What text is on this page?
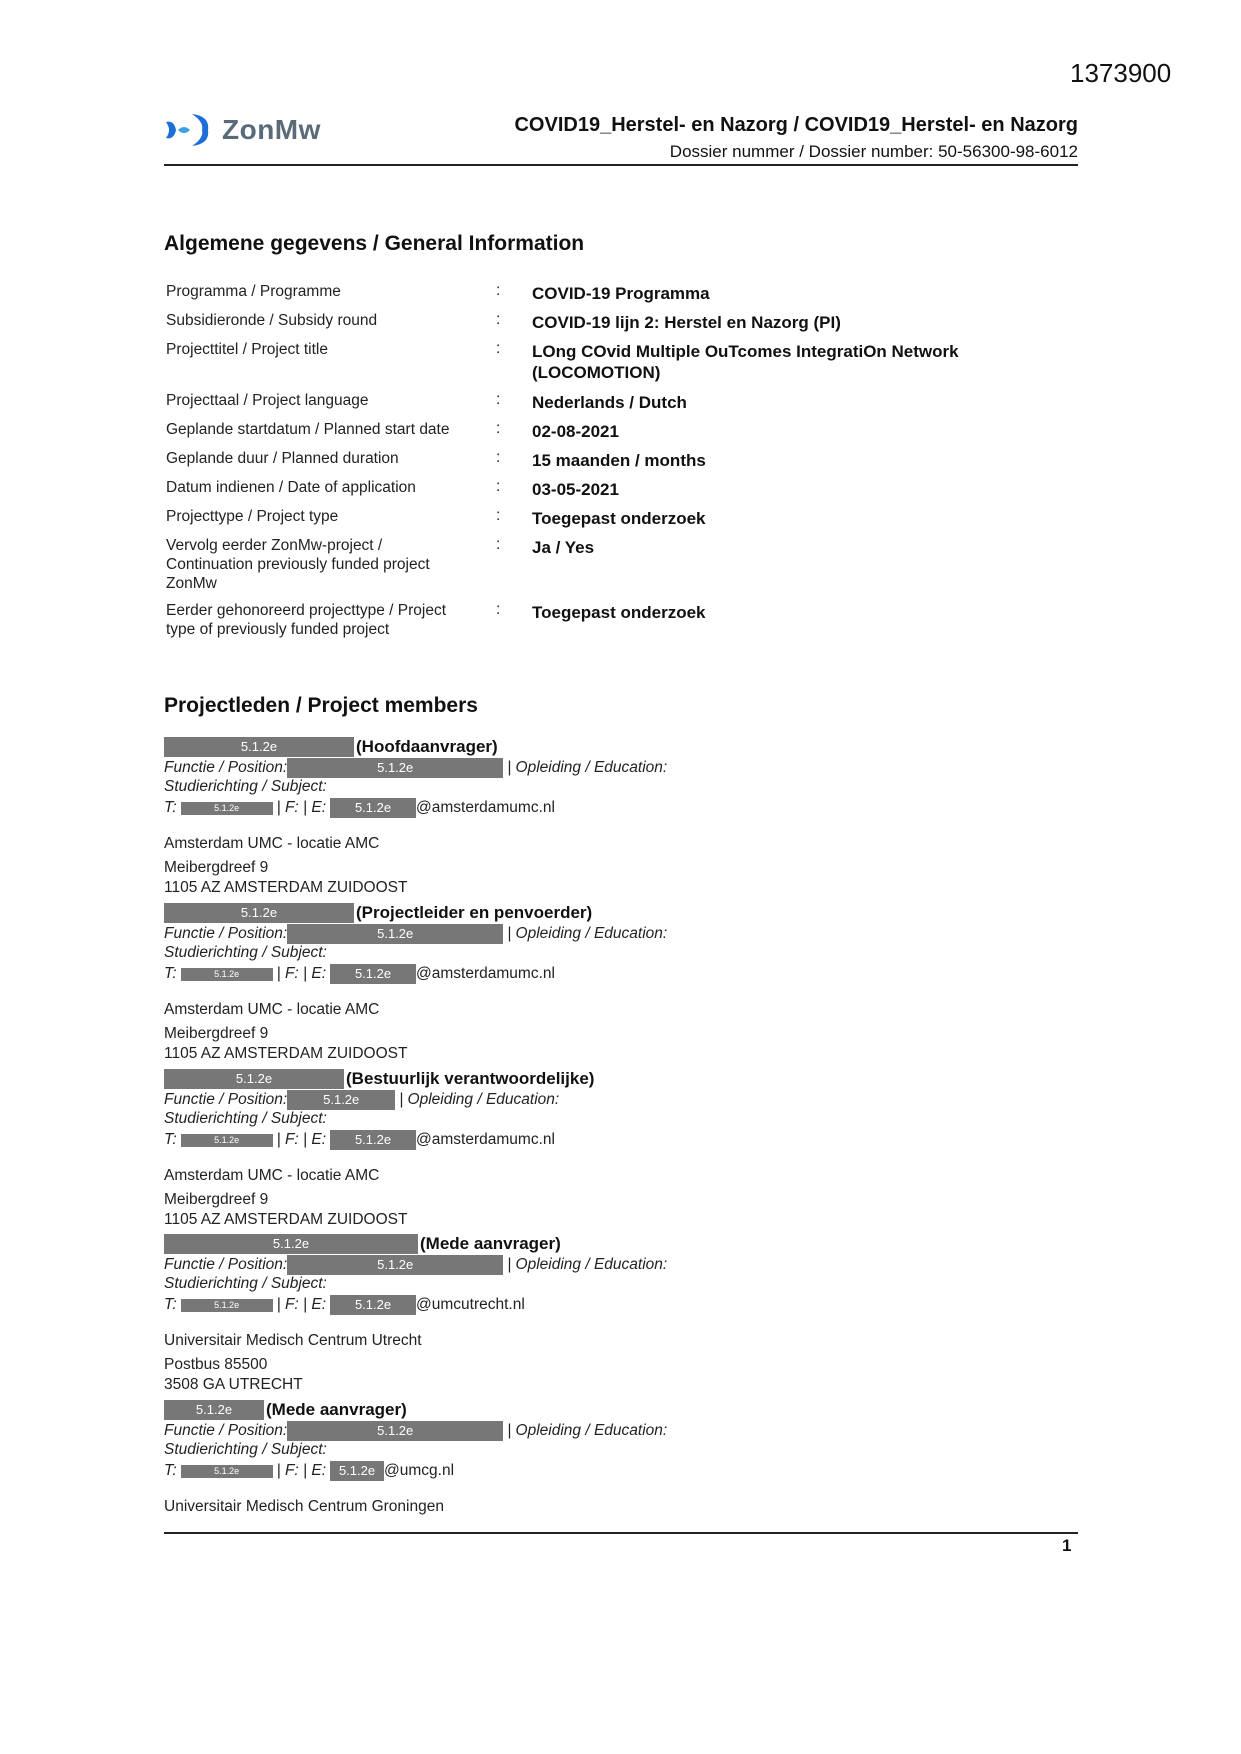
1373900
ZonMw	COVID19_Herstel- en Nazorg / COVID19_Herstel- en Nazorg
Dossier nummer / Dossier number: 50-56300-98-6012
Algemene gegevens / General Information
Programma / Programme	: COVID-19 Programma
Subsidieronde / Subsidy round	: COVID-19 lijn 2: Herstel en Nazorg (PI)
Projecttitel / Project title	: LOng COvid Multiple OuTcomes IntegratiOn Network (LOCOMOTION)
Projecttaal / Project language	: Nederlands / Dutch
Geplande startdatum / Planned start date	: 02-08-2021
Geplande duur / Planned duration	: 15 maanden / months
Datum indienen / Date of application	: 03-05-2021
Projecttype / Project type	: Toegepast onderzoek
Vervolg eerder ZonMw-project / Continuation previously funded project ZonMw
: Ja / Yes
Eerder gehonoreerd projecttype / Project type of previously funded project
: Toegepast onderzoek
Projectleden / Project members
5.1.2e	(Hoofdaanvrager)
Functie / Position:	5.1.2e	| Opleiding / Education:
Studierichting / Subject:
T:	5.1.2e	| F: | E:	5.1.2e	@amsterdamumc.nl
Amsterdam UMC - locatie AMC
Meibergdreef 9
1105 AZ AMSTERDAM ZUIDOOST
5.1.2e	(Projectleider en penvoerder)
Functie / Position:	5.1.2e	| Opleiding / Education:
Studierichting / Subject:
T:	5.1.2e	| F: | E:	5.1.2e	@amsterdamumc.nl
Amsterdam UMC - locatie AMC
Meibergdreef 9
1105 AZ AMSTERDAM ZUIDOOST
5.1.2e	(Bestuurlijk verantwoordelijke)
Functie / Position:	5.1.2e	| Opleiding / Education:
Studierichting / Subject:
T:	5.1.2e	| F: | E:	5.1.2e	@amsterdamumc.nl
Amsterdam UMC - locatie AMC
Meibergdreef 9
1105 AZ AMSTERDAM ZUIDOOST
5.1.2e	(Mede aanvrager)
Functie / Position:	5.1.2e	| Opleiding / Education:
Studierichting / Subject:
T:	5.1.2e	| F: | E:	5.1.2e	@umcutrecht.nl
Universitair Medisch Centrum Utrecht
Postbus 85500
3508 GA UTRECHT
5.1.2e	(Mede aanvrager)
Functie / Position:	5.1.2e	| Opleiding / Education:
Studierichting / Subject:
T:	5.1.2e	| F: | E: 5.1.2e @umcg.nl
Universitair Medisch Centrum Groningen
1
